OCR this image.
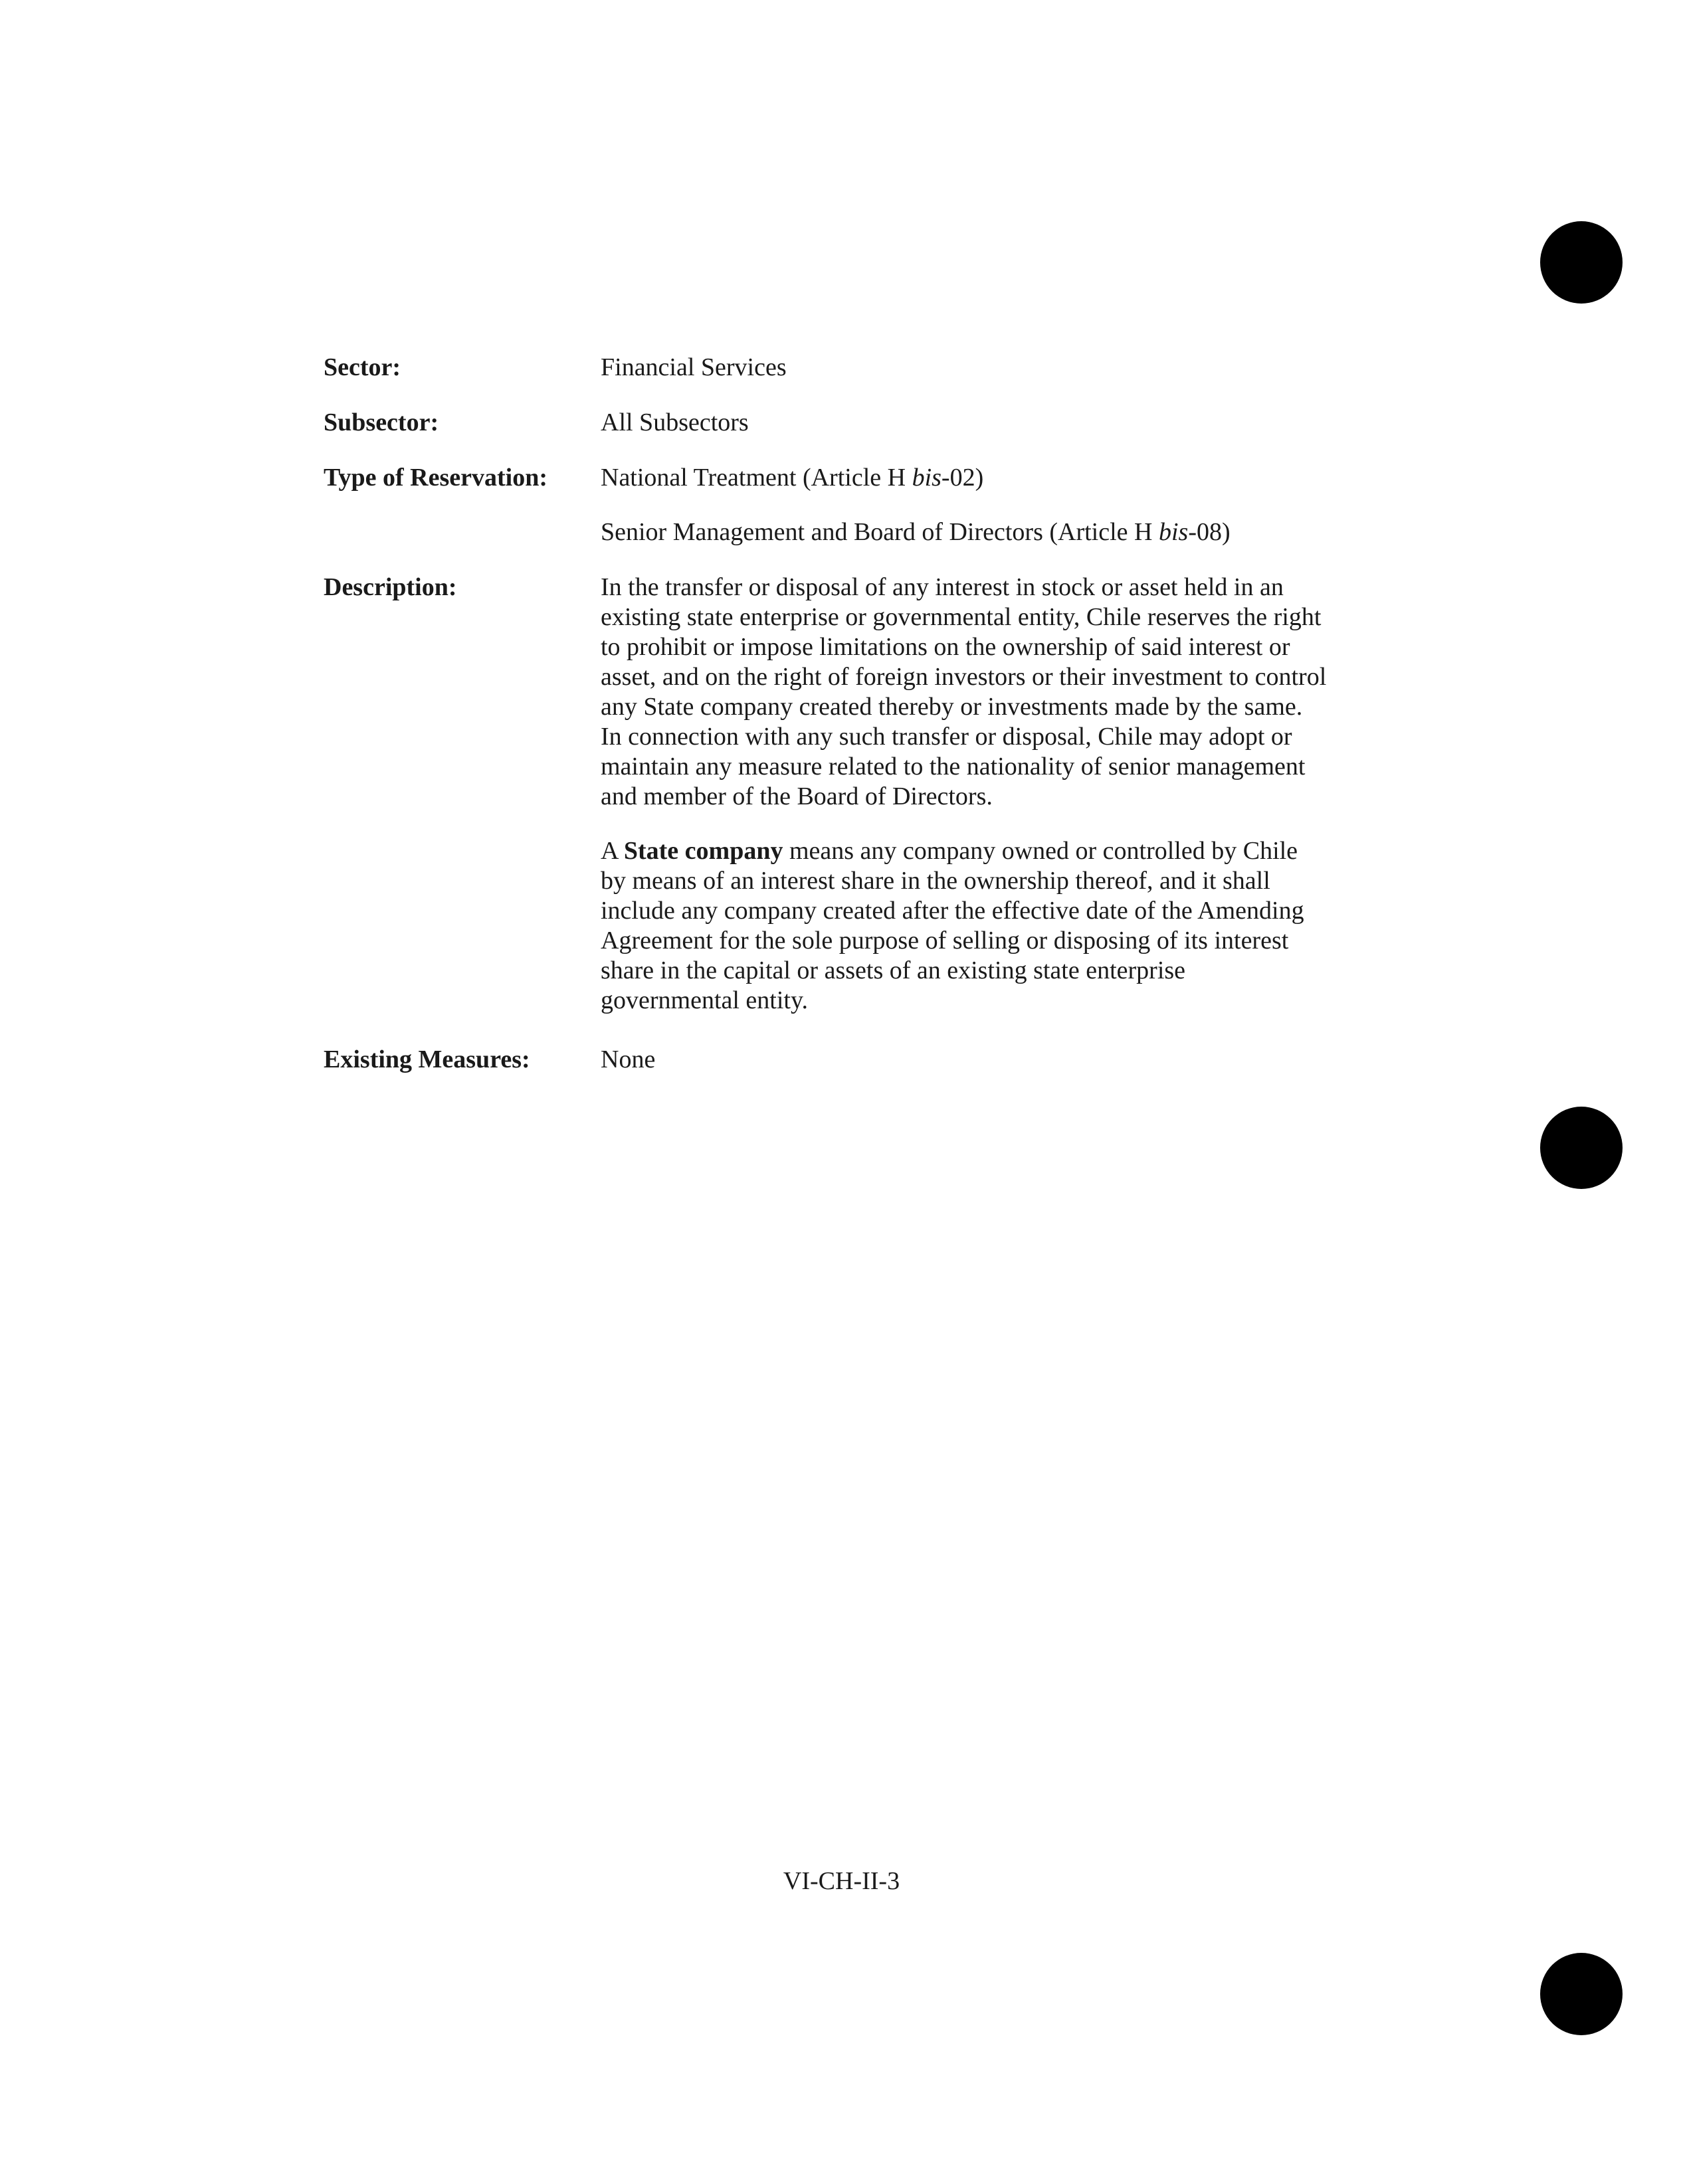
Sector:	Financial Services
Subsector:	All Subsectors
Type of Reservation: National Treatment (Article H bis-02)
Senior Management and Board of Directors (Article H bis-08)
Description:	In the transfer or disposal of any interest in stock or asset held in an
existing state enterprise or governmental entity, Chile reserves the right
to prohibit or impose limitations on the ownership of said interest or
asset, and on the right of foreign investors or their investment to control
any State company created thereby or investments made by the same.
In connection with any such transfer or disposal, Chile may adopt or
maintain any measure related to the nationality of senior management
and member of the Board of Directors.
A State company means any company owned or controlled by Chile
by means of an interest share in the ownership thereof, and it shall
include any company created after the effective date of the Amending
Agreement for the sole purpose of selling or disposing of its interest
share in the capital or assets of an existing state enterprise
governmental entity.
Existing Measures:	None
VI-CH-II-3
